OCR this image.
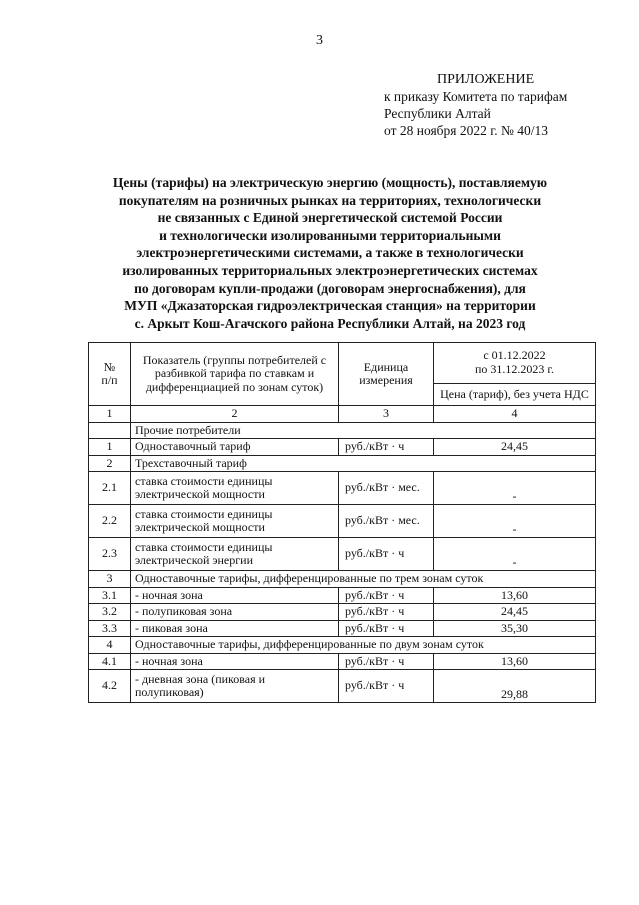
3
ПРИЛОЖЕНИЕ
к приказу Комитета по тарифам
Республики Алтай
от 28 ноября 2022 г. № 40/13
Цены (тарифы) на электрическую энергию (мощность), поставляемую
покупателям на розничных рынках на территориях, технологически
не связанных с Единой энергетической системой России
и технологически изолированными территориальными
электроэнергетическими системами, а также в технологически
изолированных территориальных электроэнергетических системах
по договорам купли-продажи (договорам энергоснабжения), для
МУП «Джазаторская гидроэлектрическая станция» на территории
с. Аркыт Кош-Агачского района Республики Алтай, на 2023 год
№
п/п	Показатель (группы потребителей с разбивкой тарифа по ставкам и дифференциацией по зонам суток)	Единица измерения	с 01.12.2022
по 31.12.2023 г.
			Цена (тариф), без учета НДС
1	2	3	4
	Прочие потребители		
1	Одноставочный тариф	руб./кВт · ч	24,45
2	Трехставочный тариф		
2.1	ставка стоимости единицы электрической мощности	руб./кВт · мес.	-
2.2	ставка стоимости единицы электрической мощности	руб./кВт · мес.	-
2.3	ставка стоимости единицы электрической энергии	руб./кВт · ч	-
3	Одноставочные тарифы, дифференцированные по трем зонам суток		
3.1	- ночная зона	руб./кВт · ч	13,60
3.2	- полупиковая зона	руб./кВт · ч	24,45
3.3	- пиковая зона	руб./кВт · ч	35,30
4	Одноставочные тарифы, дифференцированные по двум зонам суток		
4.1	- ночная зона	руб./кВт · ч	13,60
4.2	- дневная зона (пиковая и полупиковая)	руб./кВт · ч	29,88
